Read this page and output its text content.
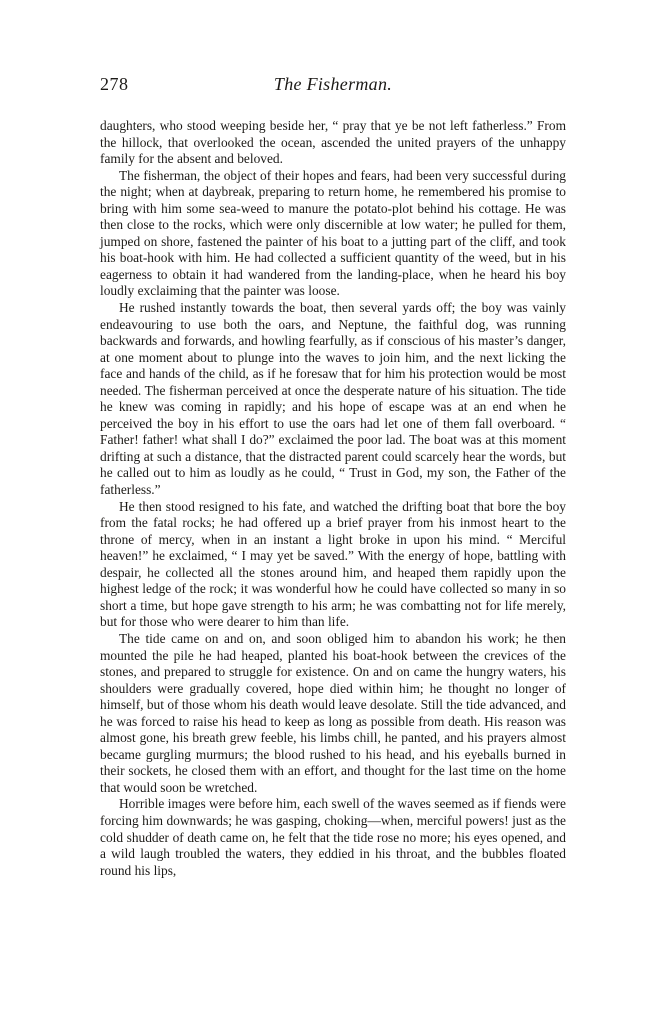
278	The Fisherman.

daughters, who stood weeping beside her, “ pray that ye be not left fatherless.” From the hillock, that overlooked the ocean, ascended the united prayers of the unhappy family for the absent and beloved.

The fisherman, the object of their hopes and fears, had been very successful during the night; when at daybreak, preparing to return home, he remembered his promise to bring with him some sea-weed to manure the potato-plot behind his cottage. He was then close to the rocks, which were only discernible at low water; he pulled for them, jumped on shore, fastened the painter of his boat to a jutting part of the cliff, and took his boat-hook with him. He had collected a sufficient quantity of the weed, but in his eagerness to obtain it had wandered from the landing-place, when he heard his boy loudly exclaiming that the painter was loose.

He rushed instantly towards the boat, then several yards off; the boy was vainly endeavouring to use both the oars, and Neptune, the faithful dog, was running backwards and forwards, and howling fearfully, as if conscious of his master’s danger, at one moment about to plunge into the waves to join him, and the next licking the face and hands of the child, as if he foresaw that for him his protection would be most needed. The fisherman perceived at once the desperate nature of his situation. The tide he knew was coming in rapidly; and his hope of escape was at an end when he perceived the boy in his effort to use the oars had let one of them fall overboard. “ Father! father! what shall I do?” exclaimed the poor lad. The boat was at this moment drifting at such a distance, that the distracted parent could scarcely hear the words, but he called out to him as loudly as he could, “ Trust in God, my son, the Father of the fatherless.”

He then stood resigned to his fate, and watched the drifting boat that bore the boy from the fatal rocks; he had offered up a brief prayer from his inmost heart to the throne of mercy, when in an instant a light broke in upon his mind. “ Merciful heaven!” he exclaimed, “ I may yet be saved.” With the energy of hope, battling with despair, he collected all the stones around him, and heaped them rapidly upon the highest ledge of the rock; it was wonderful how he could have collected so many in so short a time, but hope gave strength to his arm; he was combatting not for life merely, but for those who were dearer to him than life.

The tide came on and on, and soon obliged him to abandon his work; he then mounted the pile he had heaped, planted his boat-hook between the crevices of the stones, and prepared to struggle for existence. On and on came the hungry waters, his shoulders were gradually covered, hope died within him; he thought no longer of himself, but of those whom his death would leave desolate. Still the tide advanced, and he was forced to raise his head to keep as long as possible from death. His reason was almost gone, his breath grew feeble, his limbs chill, he panted, and his prayers almost became gurgling murmurs; the blood rushed to his head, and his eyeballs burned in their sockets, he closed them with an effort, and thought for the last time on the home that would soon be wretched.

Horrible images were before him, each swell of the waves seemed as if fiends were forcing him downwards; he was gasping, choking—when, merciful powers! just as the cold shudder of death came on, he felt that the tide rose no more; his eyes opened, and a wild laugh troubled the waters, they eddied in his throat, and the bubbles floated round his lips,
